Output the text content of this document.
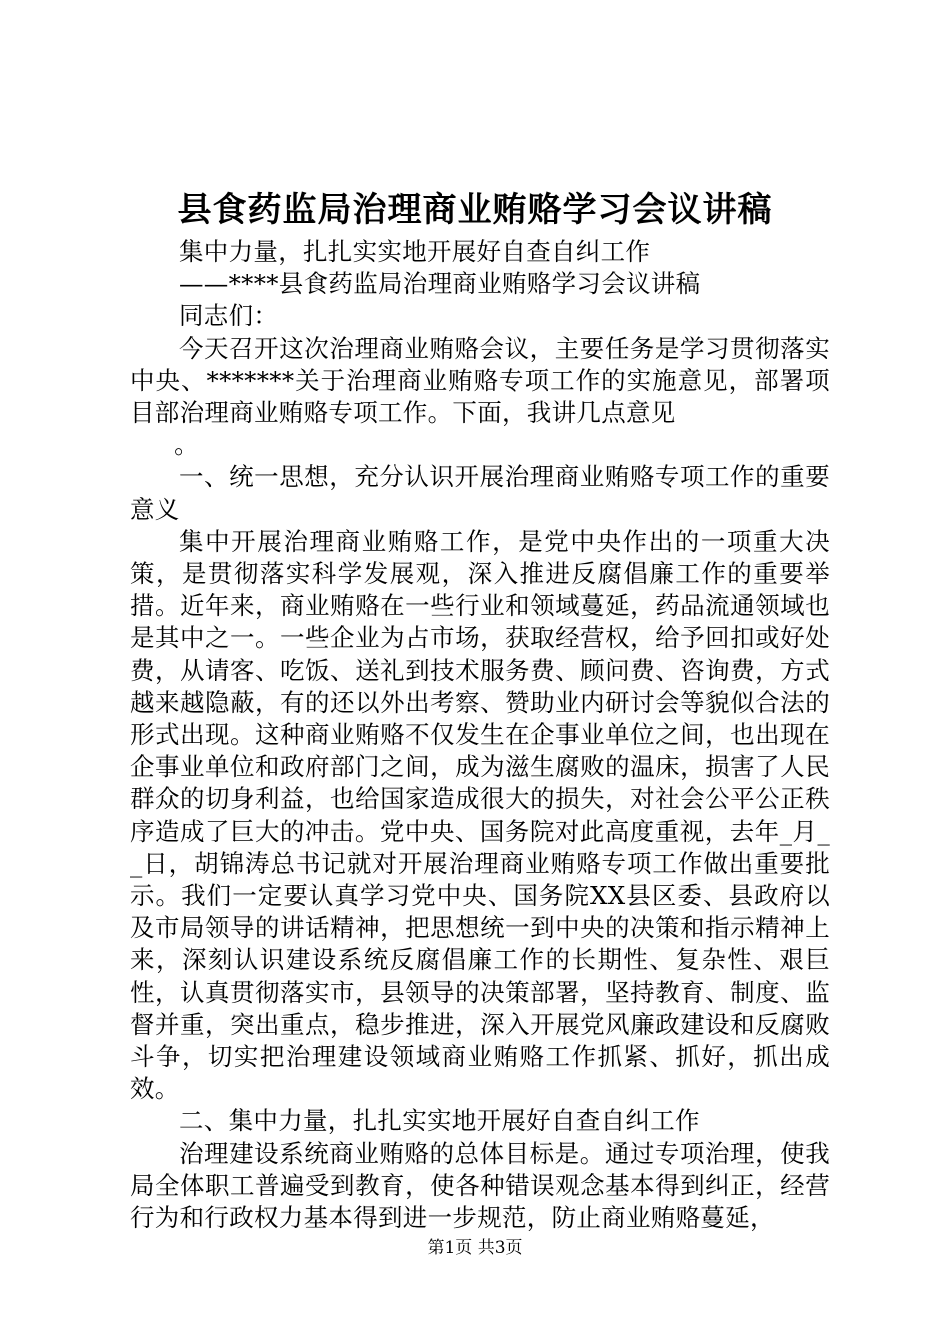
县食药监局治理商业贿赂学习会议讲稿

集中力量，扎扎实实地开展好自查自纠工作

——****县食药监局治理商业贿赂学习会议讲稿

同志们：

今天召开这次治理商业贿赂会议，主要任务是学习贯彻落实中央、*******关于治理商业贿赂专项工作的实施意见，部署项目部治理商业贿赂专项工作。下面，我讲几点意见

。

一、统一思想，充分认识开展治理商业贿赂专项工作的重要意义

集中开展治理商业贿赂工作，是党中央作出的一项重大决策，是贯彻落实科学发展观，深入推进反腐倡廉工作的重要举措。近年来，商业贿赂在一些行业和领域蔓延，药品流通领域也是其中之一。一些企业为占市场，获取经营权，给予回扣或好处费，从请客、吃饭、送礼到技术服务费、顾问费、咨询费，方式越来越隐蔽，有的还以外出考察、赞助业内研讨会等貌似合法的形式出现。这种商业贿赂不仅发生在企事业单位之间，也出现在企事业单位和政府部门之间，成为滋生腐败的温床，损害了人民群众的切身利益，也给国家造成很大的损失，对社会公平公正秩序造成了巨大的冲击。党中央、国务院对此高度重视，去年_月__日，胡锦涛总书记就对开展治理商业贿赂专项工作做出重要批示。我们一定要认真学习党中央、国务院XX县区委、县政府以及市局领导的讲话精神，把思想统一到中央的决策和指示精神上来，深刻认识建设系统反腐倡廉工作的长期性、复杂性、艰巨性，认真贯彻落实市，县领导的决策部署，坚持教育、制度、监督并重，突出重点，稳步推进，深入开展党风廉政建设和反腐败斗争，切实把治理建设领域商业贿赂工作抓紧、抓好，抓出成效。

二、集中力量，扎扎实实地开展好自查自纠工作

治理建设系统商业贿赂的总体目标是。通过专项治理，使我局全体职工普遍受到教育，使各种错误观念基本得到纠正，经营行为和行政权力基本得到进一步规范，防止商业贿赂蔓延，

第1页 共3页
